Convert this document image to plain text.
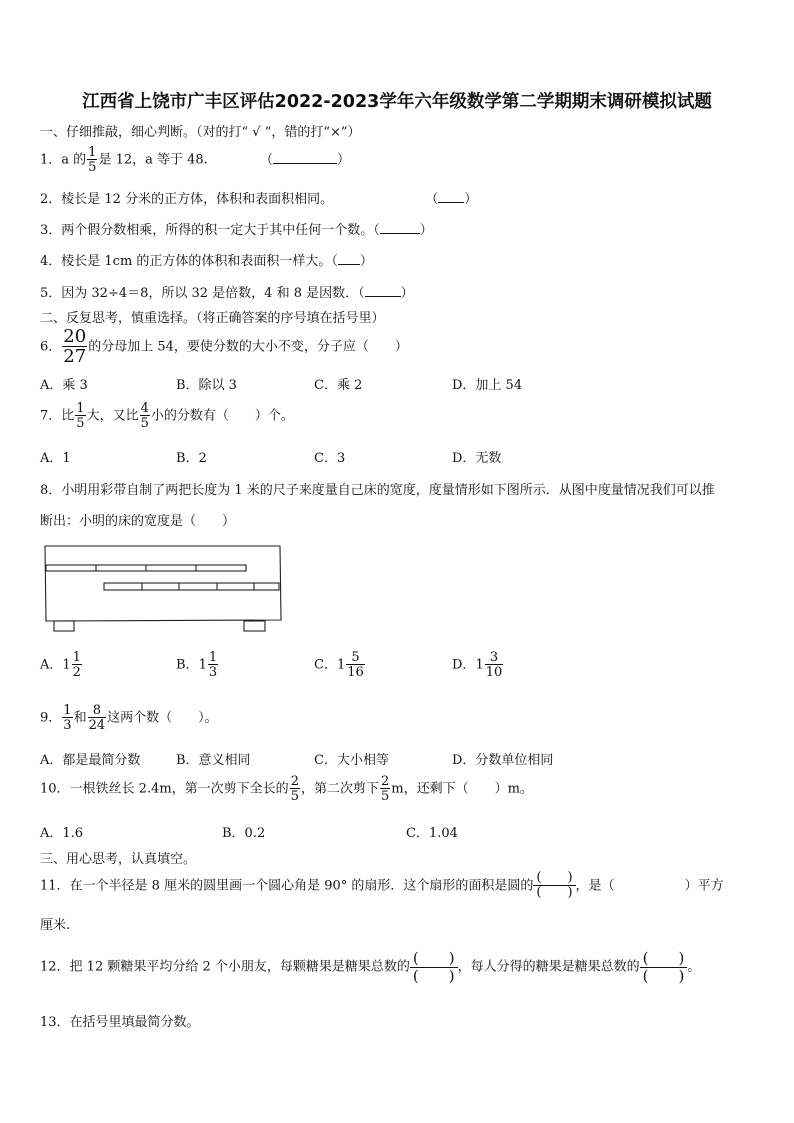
江西省上饶市广丰区评估2022-2023学年六年级数学第二学期期末调研模拟试题
一、仔细推敲，细心判断。（对的打“ √ ”，错的打“×”）
1．a 的 $\frac{1}{5}$ 是 12，a 等于 48.	（	）
2．棱长是 12 分米的正方体，体积和表面积相同。	（ ）
3．两个假分数相乘，所得的积一定大于其中任何一个数。（	）
4．棱长是 1cm 的正方体的体积和表面积一样大。（ ）
5．因为 32÷4＝8，所以 32 是倍数，4 和 8 是因数．（	）
二、反复思考，慎重选择。（将正确答案的序号填在括号里）
6． $\frac{20}{27}$ 的分母加上 54，要使分数的大小不变，分子应（　　）
A．乘 3	B．除以 3	C．乘 2	D．加上 54
7．比 $\frac{1}{5}$ 大，又比 $\frac{4}{5}$ 小的分数有（　　）个。
A．1	B．2	C．3	D．无数
8．小明用彩带自制了两把长度为 1 米的尺子来度量自己床的宽度，度量情形如下图所示．从图中度量情况我们可以推
断出：小明的床的宽度是（　　）
A．$1 \frac{1}{2}$	B．$1 \frac{1}{3}$	C．$1 \frac{5}{16}$	D．$1 \frac{3}{10}$
9． $\frac{1}{3}$ 和 $\frac{8}{24}$ 这两个数（　　）。
A．都是最简分数	B．意义相同	C．大小相等	D．分数单位相同
10．一根铁丝长 2.4m，第一次剪下全长的 $\frac{2}{5}$ ，第二次剪下 $\frac{2}{5}$ m，还剩下（　　）m。
A．1.6	B．0.2	C．1.04
三、用心思考，认真填空。
11．在一个半径是 8 厘米的圆里画一个圆心角是 90° 的扇形．这个扇形的面积是圆的
(　　)
(　　) ，是（	）平方
厘米.
12．把 12 颗糖果平均分给 2 个小朋友，每颗糖果是糖果总数的 (　　)
(　　) ，每人分得的糖果是糖果总数的 (　　)
(　　) 。
13．在括号里填最简分数。
